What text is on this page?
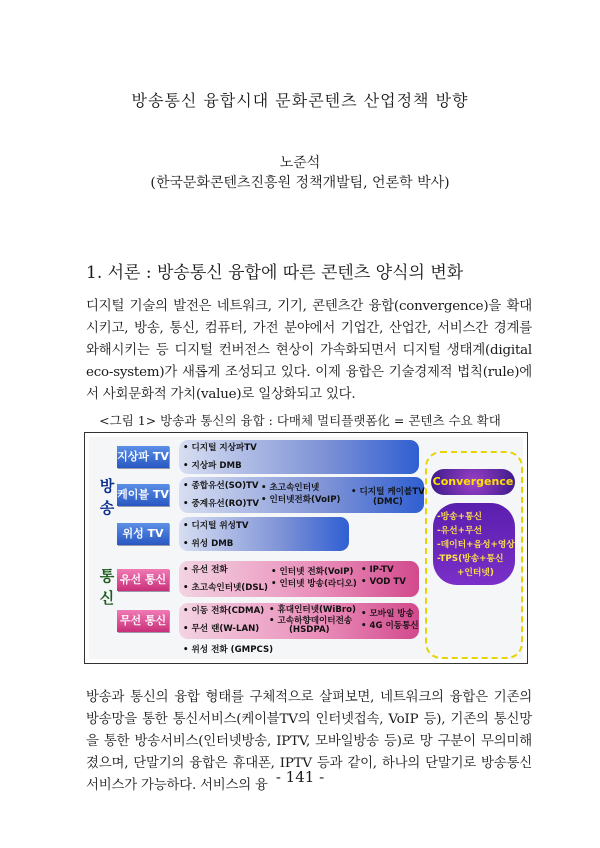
방송통신 융합시대 문화콘텐츠 산업정책 방향
노준석
(한국문화콘텐츠진흥원 정책개발팀, 언론학 박사)
1. 서론 : 방송통신 융합에 따른 콘텐츠 양식의 변화
디지털 기술의 발전은 네트워크, 기기, 콘텐츠간 융합(convergence)을 확대시키고, 방송, 통신, 컴퓨터, 가전 분야에서 기업간, 산업간, 서비스간 경계를 와해시키는 등 디지털 컨버전스 현상이 가속화되면서 디지털 생태계(digital eco-system)가 새롭게 조성되고 있다. 이제 융합은 기술경제적 법칙(rule)에서 사회문화적 가치(value)로 일상화되고 있다.
<그림 1> 방송과 통신의 융합 : 다매체 멀티플랫폼化 = 콘텐츠 수요 확대
방송
통신
지상파 TV
케이블 TV
위성 TV
유선 통신
무선 통신
• 디지털 지상파TV
• 지상파 DMB
• 종합유선(SO)TV
• 중계유선(RO)TV
• 초고속인터넷
• 인터넷전화(VoIP)
• 디지털 케이블TV
(DMC)
• 디지털 위성TV
• 위성 DMB
• 유선 전화
• 초고속인터넷(DSL)
• 인터넷 전화(VoIP)
• 인터넷 방송(라디오)
• IP-TV
• VOD TV
• 이동 전화(CDMA)
• 무선 랜(W-LAN)
• 휴대인터넷(WiBro)
• 고속하향데이터전송
(HSDPA)
• 모바일 방송
• 4G 이동통신
• 위성 전화 (GMPCS)
Convergence
-방송+통신
-유선+무선
-데이터+음성+영상
-TPS(방송+통신
+인터넷)
방송과 통신의 융합 형태를 구체적으로 살펴보면, 네트워크의 융합은 기존의 방송망을 통한 통신서비스(케이블TV의 인터넷접속, VoIP 등), 기존의 통신망을 통한 방송서비스(인터넷방송, IPTV, 모바일방송 등)로 망 구분이 무의미해 졌으며, 단말기의 융합은 휴대폰, IPTV 등과 같이, 하나의 단말기로 방송통신 서비스가 가능하다. 서비스의 융 - 141 -
